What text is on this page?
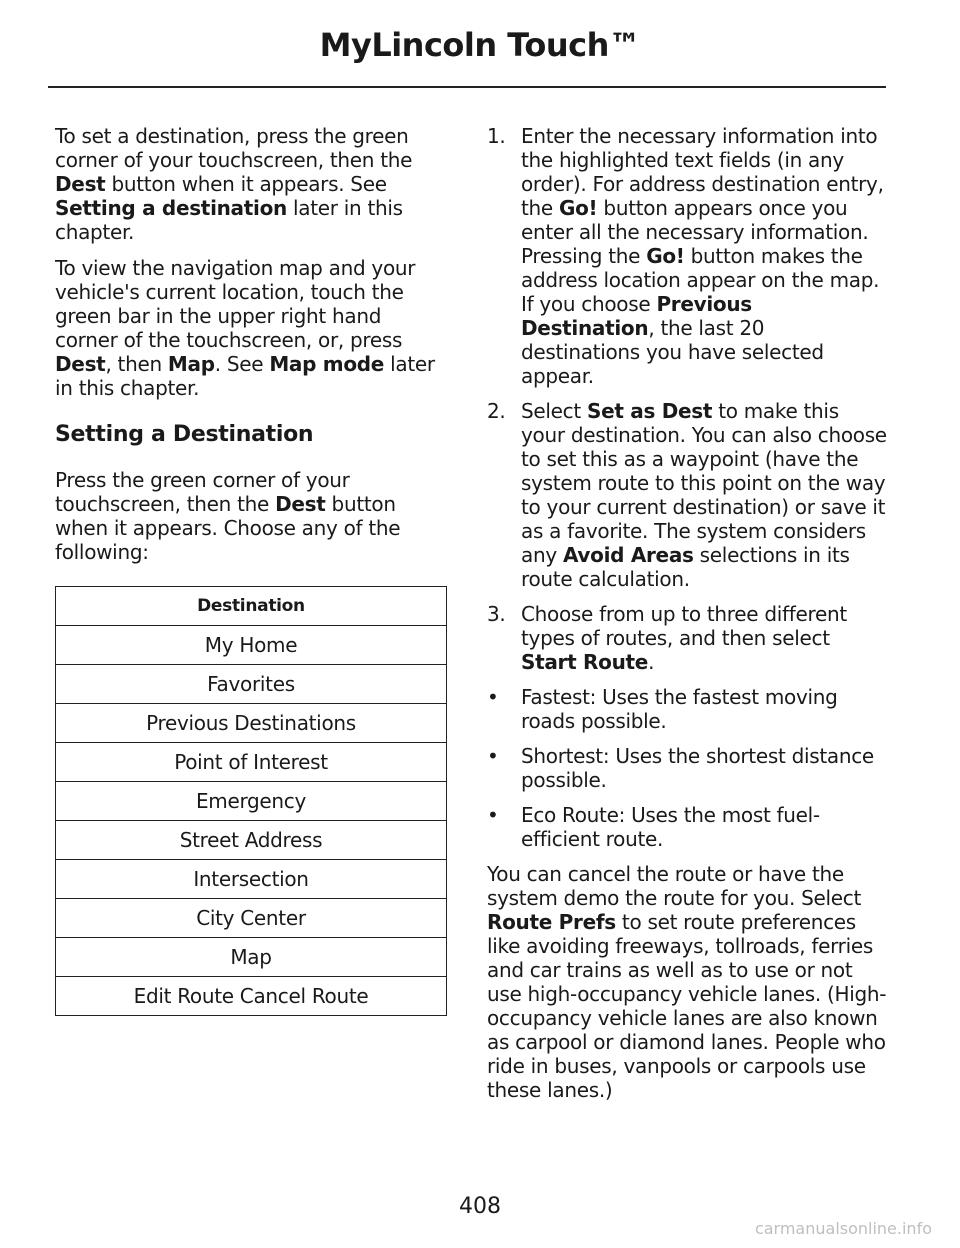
MyLincoln Touch™

To set a destination, press the green corner of your touchscreen, then the Dest button when it appears. See Setting a destination later in this chapter.

To view the navigation map and your vehicle's current location, touch the green bar in the upper right hand corner of the touchscreen, or, press Dest, then Map. See Map mode later in this chapter.

Setting a Destination

Press the green corner of your touchscreen, then the Dest button when it appears. Choose any of the following:

Destination
My Home
Favorites
Previous Destinations
Point of Interest
Emergency
Street Address
Intersection
City Center
Map
Edit Route Cancel Route
1. Enter the necessary information into the highlighted text fields (in any order). For address destination entry, the Go! button appears once you enter all the necessary information. Pressing the Go! button makes the address location appear on the map. If you choose Previous Destination, the last 20 destinations you have selected appear.
2. Select Set as Dest to make this your destination. You can also choose to set this as a waypoint (have the system route to this point on the way to your current destination) or save it as a favorite. The system considers any Avoid Areas selections in its route calculation.
3. Choose from up to three different types of routes, and then select Start Route.
• Fastest: Uses the fastest moving roads possible.
• Shortest: Uses the shortest distance possible.
• Eco Route: Uses the most fuel-efficient route.

You can cancel the route or have the system demo the route for you. Select Route Prefs to set route preferences like avoiding freeways, tollroads, ferries and car trains as well as to use or not use high-occupancy vehicle lanes. (High-occupancy vehicle lanes are also known as carpool or diamond lanes. People who ride in buses, vanpools or carpools use these lanes.)

408
carmanualsonline.info
